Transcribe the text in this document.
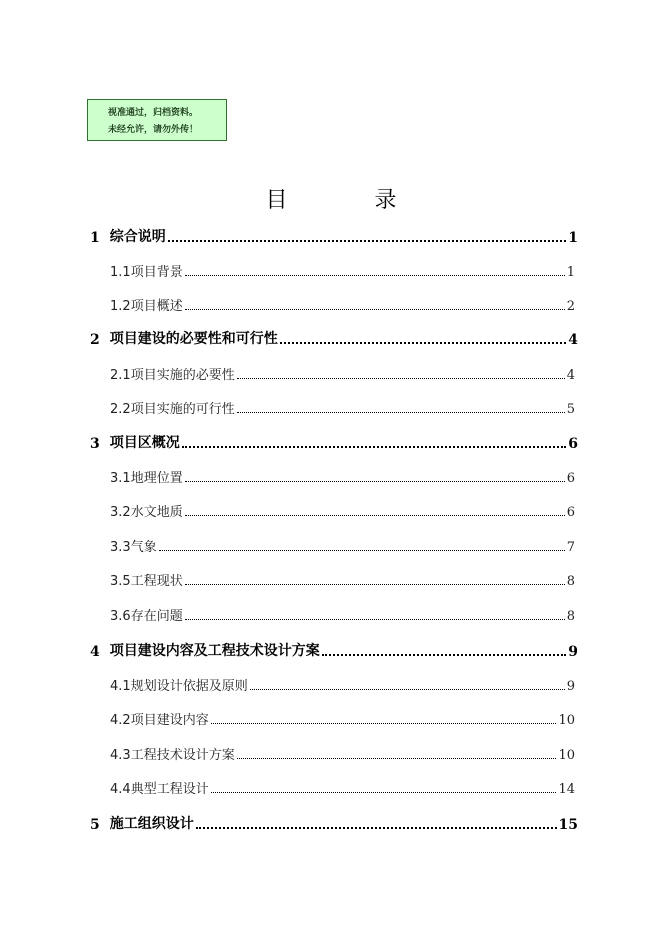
视准通过，归档资料。
未经允许，请勿外传！
目 录
1 综合说明	1
1.1 项目背景	1
1.2 项目概述	2
2 项目建设的必要性和可行性	4
2.1 项目实施的必要性	4
2.2 项目实施的可行性	5
3 项目区概况	6
3.1 地理位置	6
3.2 水文地质	6
3.3 气象	7
3.5 工程现状	8
3.6 存在问题	8
4 项目建设内容及工程技术设计方案	9
4.1 规划设计依据及原则	9
4.2 项目建设内容	10
4.3 工程技术设计方案	10
4.4 典型工程设计	14
5 施工组织设计	15
